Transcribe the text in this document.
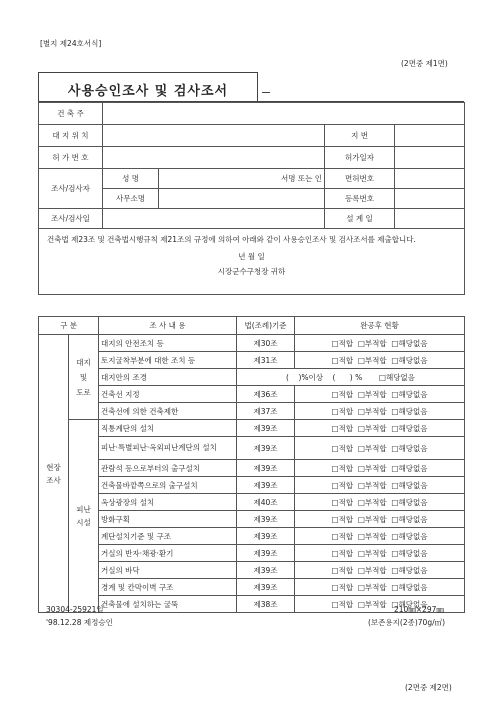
[별지 제24호서식]
(2면중 제1면)
사용승인조사 및 검사조서
건 축 주				
대 지 위 치			지 번	
허 가 번 호			허가일자	
조사/검사자	성 명	서명 또는 인	면허번호	
	사무소명		등록번호	
조사/검사일			설 계 일	

건축법 제23조 및 건축법시행규칙 제21조의 규정에 의하여 아래와 같이 사용승인조사 및 검사조서를 제출합니다.
년 월 일
시장군수구청장 귀하				
구 분		조 사 내 용	법(조례)기준	완공후 현황
현장
조사	대지
및
도로	대지의 안전조치 등	제30조	□적합  □부적합  □해당없음
		토지굴착부분에 대한 조치 등	제31조	□적합  □부적합  □해당없음
		대지안의 조경	(    )%이상    (      ) %       □해당없음	
		건축선 지정	제36조	□적합  □부적합  □해당없음
		건축선에 의한 건축제한	제37조	□적합  □부적합  □해당없음
	피난
시설	직통계단의 설치	제39조	□적합  □부적합  □해당없음
		피난·특별피난·옥외피난계단의 설치	제39조	□적합  □부적합  □해당없음
		관람석 등으로부터의 출구설치	제39조	□적합  □부적합  □해당없음
		건축물바깥쪽으로의 출구설치	제39조	□적합  □부적합  □해당없음
		옥상광장의 설치	제40조	□적합  □부적합  □해당없음
		방화구획	제39조	□적합  □부적합  □해당없음
		계단설치기준 및 구조	제39조	□적합  □부적합  □해당없음
		거실의 반자·채광·환기	제39조	□적합  □부적합  □해당없음
		거실의 바닥	제39조	□적합  □부적합  □해당없음
		경계 및 칸막이벽 구조	제39조	□적합  □부적합  □해당없음
		건축물에 설치하는 굴뚝	제38조	□적합  □부적합  □해당없음
30304-25921일
'98.12.28 제정승인
210㎜×297㎜
(보존용지(2종)70g/㎡)
(2면중 제2면)
